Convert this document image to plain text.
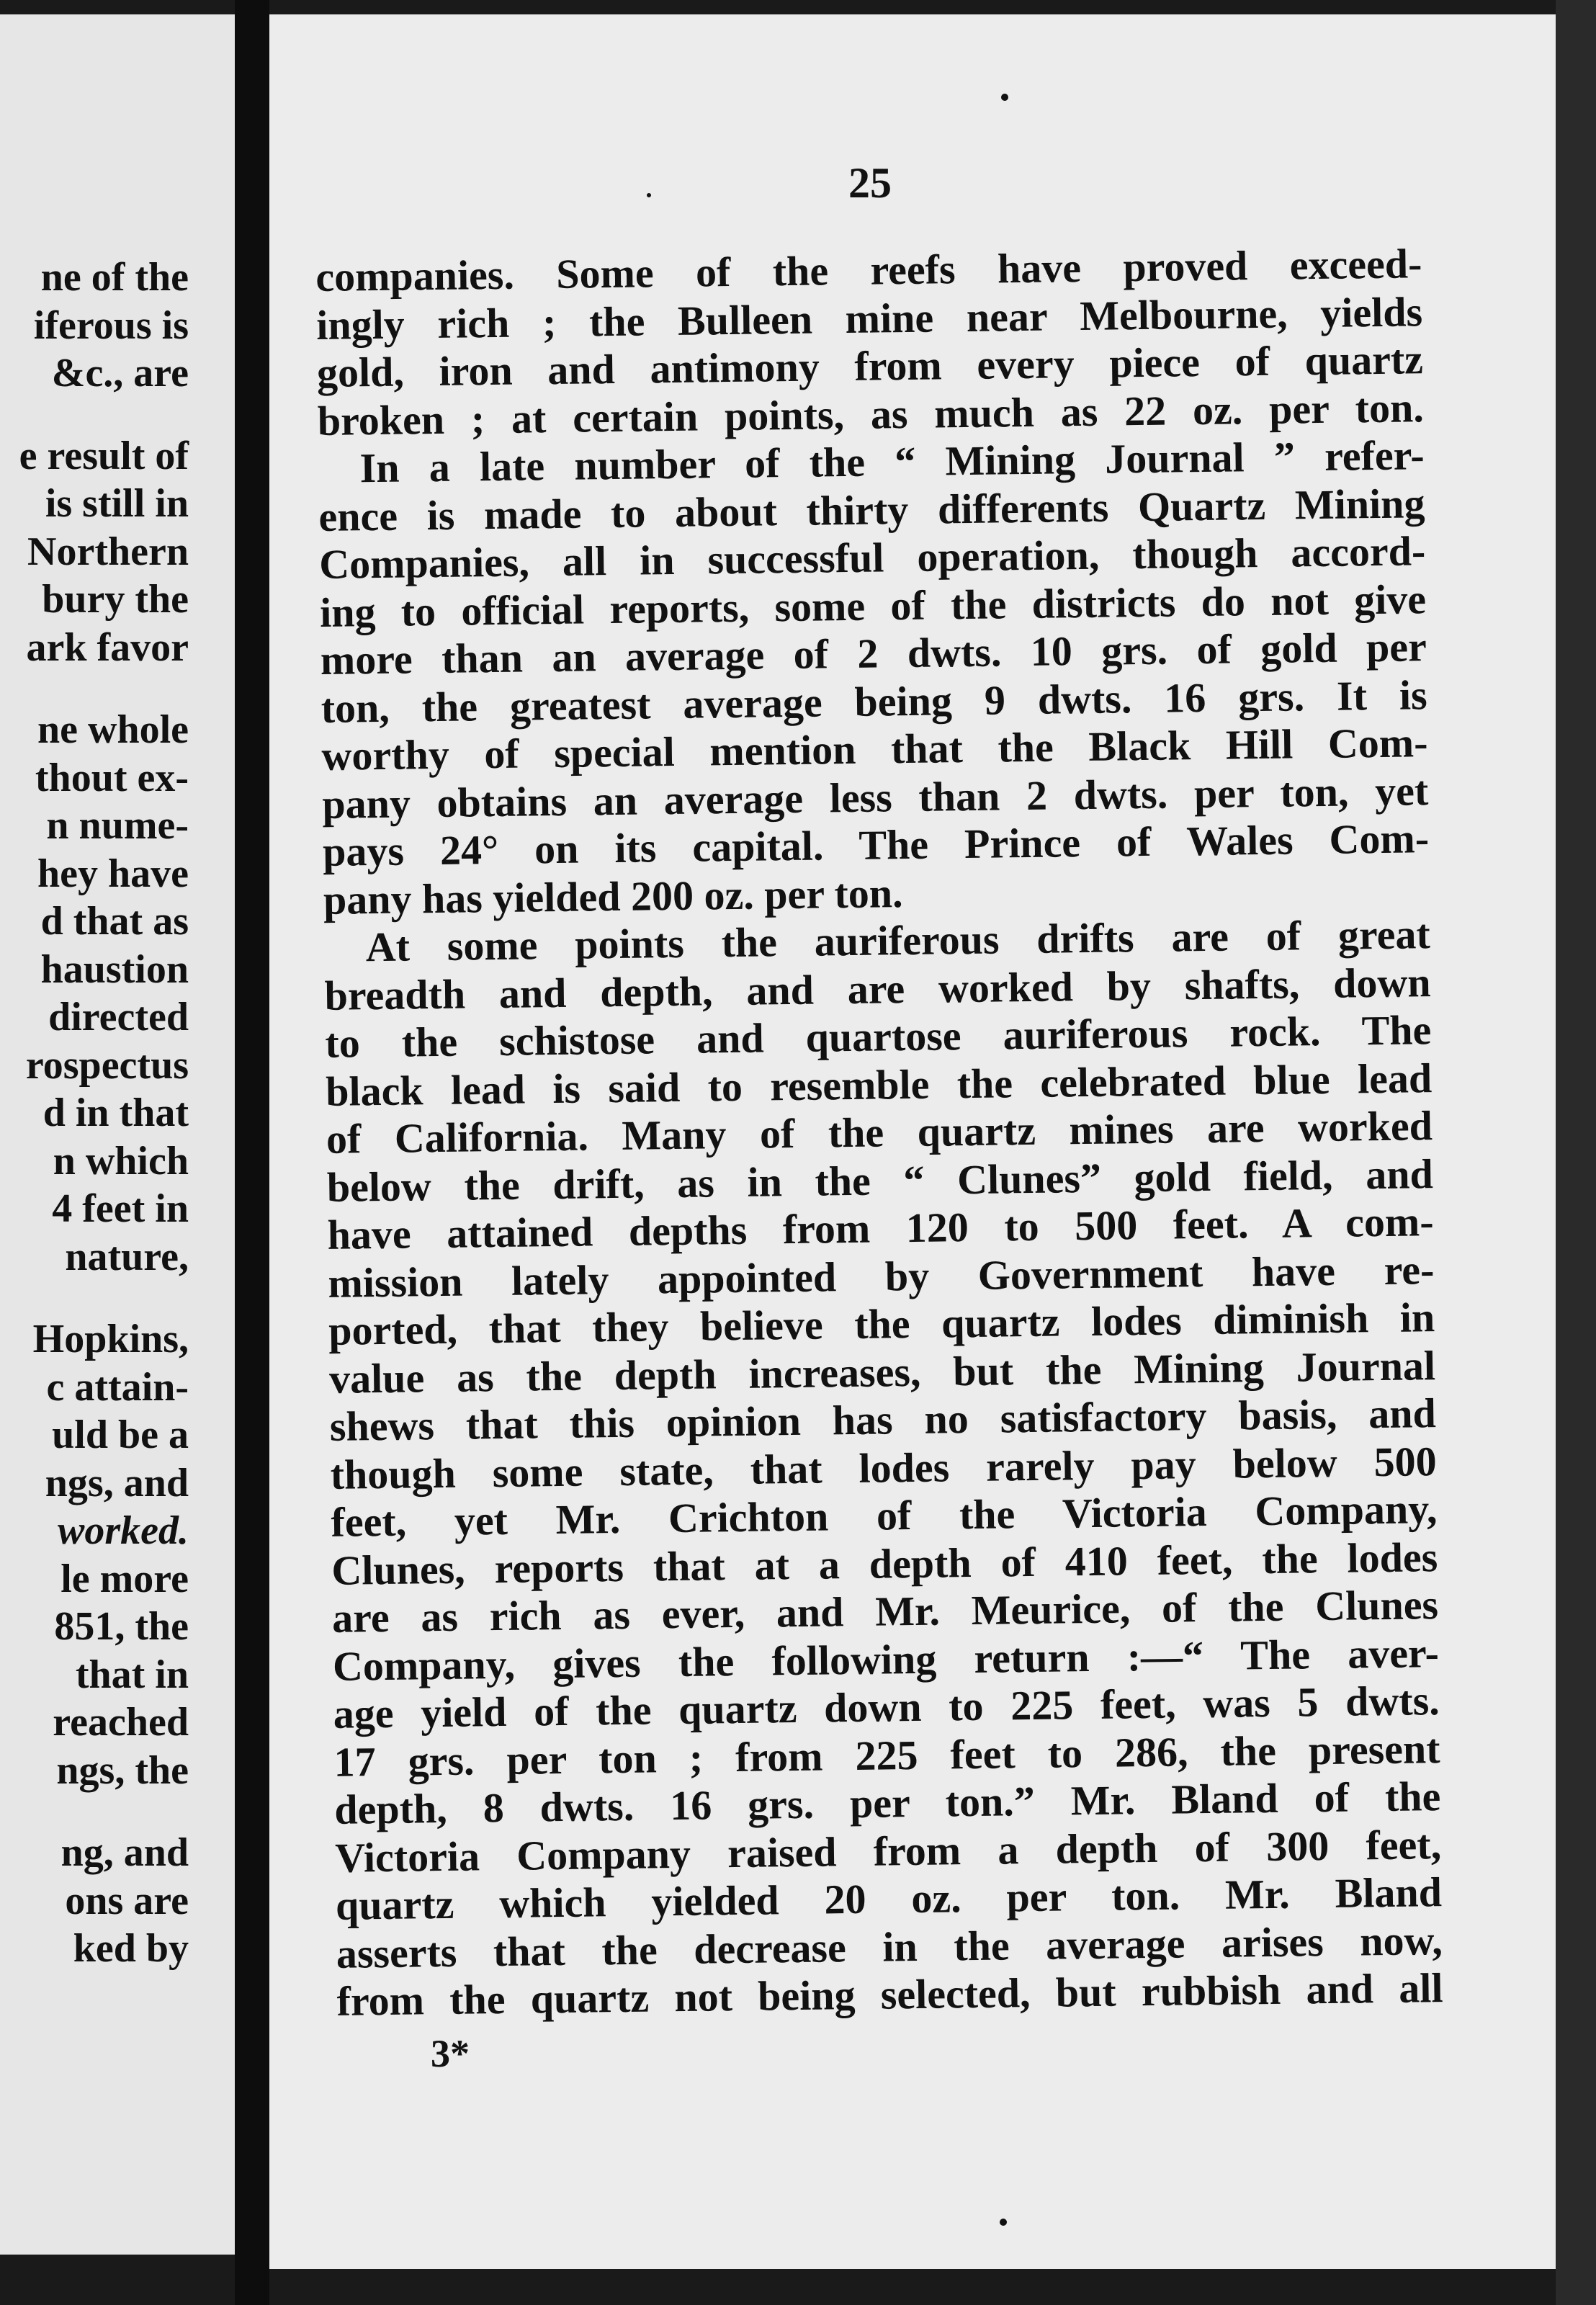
ne of the
iferous is
&c., are
e result of
is still in
Northern
bury the
ark favor
ne whole
thout ex-
n nume-
hey have
d that as
haustion
directed
rospectus
d in that
n which
4 feet in
nature,
Hopkins,
c attain-
uld be a
ngs, and
worked.
le more
851, the
that in
reached
ngs, the
ng, and
ons are
ked by
25
companies. Some of the reefs have proved exceed-
ingly rich ; the Bulleen mine near Melbourne, yields
gold, iron and antimony from every piece of quartz
broken ; at certain points, as much as 22 oz. per ton.
In a late number of the “ Mining Journal ” refer-
ence is made to about thirty differents Quartz Mining
Companies, all in successful operation, though accord-
ing to official reports, some of the districts do not give
more than an average of 2 dwts. 10 grs. of gold per
ton, the greatest average being 9 dwts. 16 grs. It is
worthy of special mention that the Black Hill Com-
pany obtains an average less than 2 dwts. per ton, yet
pays 24° on its capital. The Prince of Wales Com-
pany has yielded 200 oz. per ton.
At some points the auriferous drifts are of great
breadth and depth, and are worked by shafts, down
to the schistose and quartose auriferous rock. The
black lead is said to resemble the celebrated blue lead
of California. Many of the quartz mines are worked
below the drift, as in the “ Clunes” gold field, and
have attained depths from 120 to 500 feet. A com-
mission lately appointed by Government have re-
ported, that they believe the quartz lodes diminish in
value as the depth increases, but the Mining Journal
shews that this opinion has no satisfactory basis, and
though some state, that lodes rarely pay below 500
feet, yet Mr. Crichton of the Victoria Company,
Clunes, reports that at a depth of 410 feet, the lodes
are as rich as ever, and Mr. Meurice, of the Clunes
Company, gives the following return :—“ The aver-
age yield of the quartz down to 225 feet, was 5 dwts.
17 grs. per ton ; from 225 feet to 286, the present
depth, 8 dwts. 16 grs. per ton.” Mr. Bland of the
Victoria Company raised from a depth of 300 feet,
quartz which yielded 20 oz. per ton. Mr. Bland
asserts that the decrease in the average arises now,
from the quartz not being selected, but rubbish and all
3*
